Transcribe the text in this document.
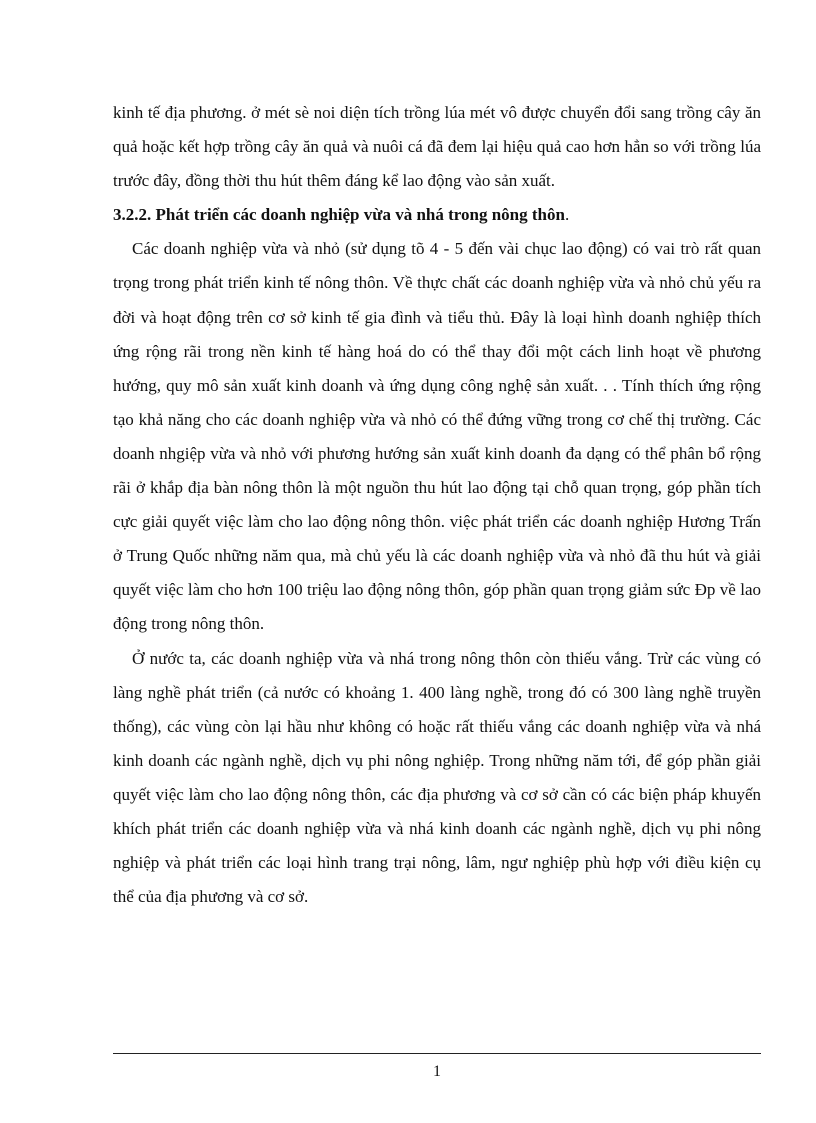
kinh tế địa phương. ở mét sè noi diện tích trồng lúa mét vô được chuyển đổi sang trồng cây ăn quả hoặc kết hợp trồng cây ăn quả và nuôi cá đã đem lại hiệu quả cao hơn hẳn so với trồng lúa trước đây, đồng thời thu hút thêm đáng kể lao động vào sản xuất.

3.2.2. Phát triển các doanh nghiệp vừa và nhá trong nông thôn.

Các doanh nghiệp vừa và nhỏ (sử dụng tõ 4 - 5 đến vài chục lao động) có vai trò rất quan trọng trong phát triển kinh tế nông thôn. Về thực chất các doanh nghiệp vừa và nhỏ chủ yếu ra đời và hoạt động trên cơ sở kinh tế gia đình và tiểu thủ. Đây là loại hình doanh nghiệp thích ứng rộng rãi trong nền kinh tế hàng hoá do có thể thay đổi một cách linh hoạt về phương hướng, quy mô sản xuất kinh doanh và ứng dụng công nghệ sản xuất. . . Tính thích ứng rộng tạo khả năng cho các doanh nghiệp vừa và nhỏ có thể đứng vững trong cơ chế thị trường. Các doanh nhgiệp vừa và nhỏ với phương hướng sản xuất kinh doanh đa dạng có thể phân bổ rộng rãi ở khắp địa bàn nông thôn là một nguồn thu hút lao động tại chỗ quan trọng, góp phần tích cực giải quyết việc làm cho lao động nông thôn. việc phát triển các doanh nghiệp Hương Trấn ở Trung Quốc những năm qua, mà chủ yếu là các doanh nghiệp vừa và nhỏ đã thu hút và giải quyết việc làm cho hơn 100 triệu lao động nông thôn, góp phần quan trọng giảm sức Ðp về lao động trong nông thôn.

Ở nước ta, các doanh nghiệp vừa và nhá trong nông thôn còn thiếu vắng. Trừ các vùng có làng nghề phát triển (cả nước có khoảng 1. 400 làng nghề, trong đó có 300 làng nghề truyền thống), các vùng còn lại hầu như không có hoặc rất thiếu vắng các doanh nghiệp vừa và nhá kinh doanh các ngành nghề, dịch vụ phi nông nghiệp. Trong những năm tới, để góp phần giải quyết việc làm cho lao động nông thôn, các địa phương và cơ sở cần có các biện pháp khuyến khích phát triển các doanh nghiệp vừa và nhá kinh doanh các ngành nghề, dịch vụ phi nông nghiệp và phát triển các loại hình trang trại nông, lâm, ngư nghiệp phù hợp với điều kiện cụ thể của địa phương và cơ sở.

1
